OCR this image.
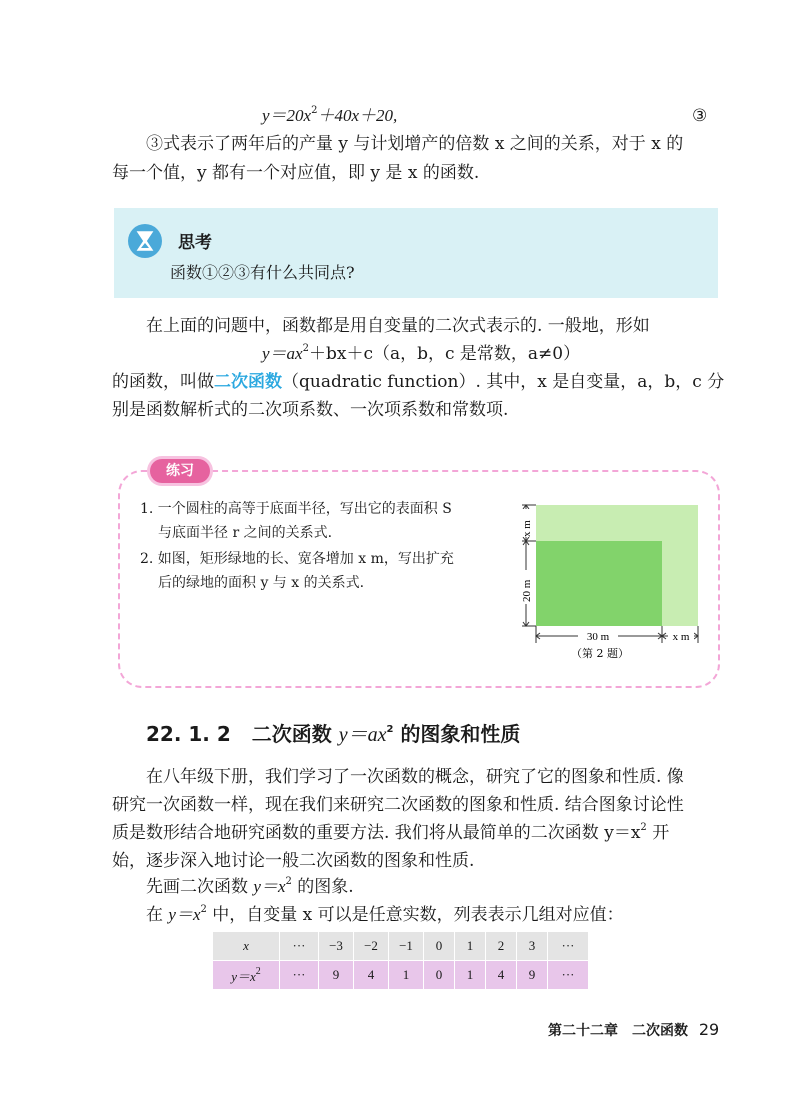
$y=20x^2+40x+20$,	③
③式表示了两年后的产量 y 与计划增产的倍数 x 之间的关系，对于 x 的
每一个值，y 都有一个对应值，即 y 是 x 的函数.
思考
函数①②③有什么共同点?
在上面的问题中，函数都是用自变量的二次式表示的. 一般地，形如
$y=ax^2+bx+c(a$，b，c 是常数，a≠0）
的函数，叫做二次函数（quadratic function）. 其中，x 是自变量，a，b，c 分
别是函数解析式的二次项系数、一次项系数和常数项.
练习
1. 一个圆柱的高等于底面半径，写出它的表面积 S
与底面半径 r 之间的关系式.
2. 如图，矩形绿地的长、宽各增加 x m，写出扩充
后的绿地的面积 y 与 x 的关系式.
x m
20 m
30 m	x m
（第 2 题）
22. 1. 2 二次函数 $y=ax^2$ 的图象和性质
在八年级下册，我们学习了一次函数的概念，研究了它的图象和性质. 像
研究一次函数一样，现在我们来研究二次函数的图象和性质. 结合图象讨论性
质是数形结合地研究函数的重要方法. 我们将从最简单的二次函数 $y=x^2$ 开
始，逐步深入地讨论一般二次函数的图象和性质.
先画二次函数 $y=x^2$ 的图象.
在 $y=x^2$ 中，自变量 x 可以是任意实数，列表表示几组对应值：
x	···	−3	−2	−1	0	1	2	3	···
$y=x^2$	···	9	4	1	0	1	4	9	···
第二十二章　二次函数 29
